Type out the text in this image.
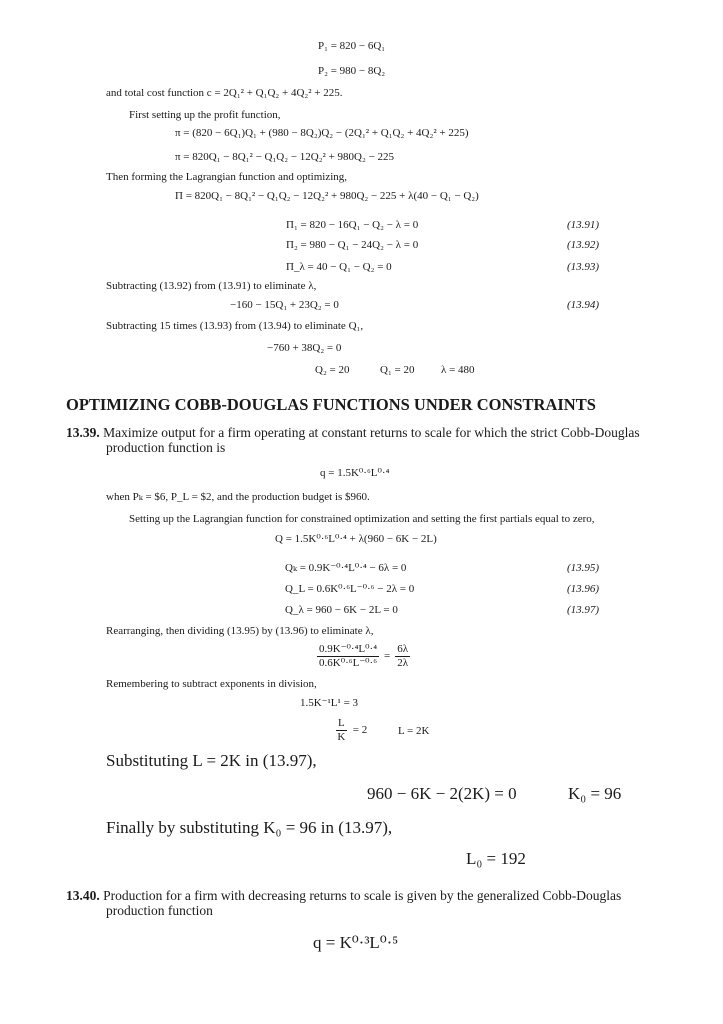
P₁ = 820 − 6Q₁
P₂ = 980 − 8Q₂
and total cost function c = 2Q₁² + Q₁Q₂ + 4Q₂² + 225.
First setting up the profit function,
π = (820 − 6Q₁)Q₁ + (980 − 8Q₂)Q₂ − (2Q₁² + Q₁Q₂ + 4Q₂² + 225)
π = 820Q₁ − 8Q₁² − Q₁Q₂ − 12Q₂² + 980Q₂ − 225
Then forming the Lagrangian function and optimizing,
Π = 820Q₁ − 8Q₁² − Q₁Q₂ − 12Q₂² + 980Q₂ − 225 + λ(40 − Q₁ − Q₂)
Π₁ = 820 − 16Q₁ − Q₂ − λ = 0	(13.91)
Π₂ = 980 − Q₁ − 24Q₂ − λ = 0	(13.92)
Π_λ = 40 − Q₁ − Q₂ = 0	(13.93)
Subtracting (13.92) from (13.91) to eliminate λ,
−160 − 15Q₁ + 23Q₂ = 0	(13.94)
Subtracting 15 times (13.93) from (13.94) to eliminate Q₁,
−760 + 38Q₂ = 0
Q₂ = 20	Q₁ = 20 λ = 480
OPTIMIZING COBB-DOUGLAS FUNCTIONS UNDER CONSTRAINTS
13.39. Maximize output for a firm operating at constant returns to scale for which the strict Cobb-Douglas
production function is
q = 1.5K⁰·⁶L⁰·⁴
when Pₖ = $6, P_L = $2, and the production budget is $960.
Setting up the Lagrangian function for constrained optimization and setting the first partials equal to zero,
Q = 1.5K⁰·⁶L⁰·⁴ + λ(960 − 6K − 2L)
Qₖ = 0.9K⁻⁰·⁴L⁰·⁴ − 6λ = 0	(13.95)
Q_L = 0.6K⁰·⁶L⁻⁰·⁶ − 2λ = 0	(13.96)
Q_λ = 960 − 6K − 2L = 0	(13.97)
Rearranging, then dividing (13.95) by (13.96) to eliminate λ,
$\frac{\text{0.9K⁻⁰·⁴L⁰·⁴}}{\text{0.6K⁰·⁶L⁻⁰·⁶}} = \frac{6\lambda}{2\lambda}$
Remembering to subtract exponents in division,
1.5K⁻¹L¹ = 3
$\frac{L}{K} = 2$	L = 2K
Substituting L = 2K in (13.97),
960 − 6K − 2(2K) = 0	K₀ = 96
Finally by substituting K₀ = 96 in (13.97),
L₀ = 192
13.40. Production for a firm with decreasing returns to scale is given by the generalized Cobb-Douglas
production function
q = K⁰·³L⁰·⁵
